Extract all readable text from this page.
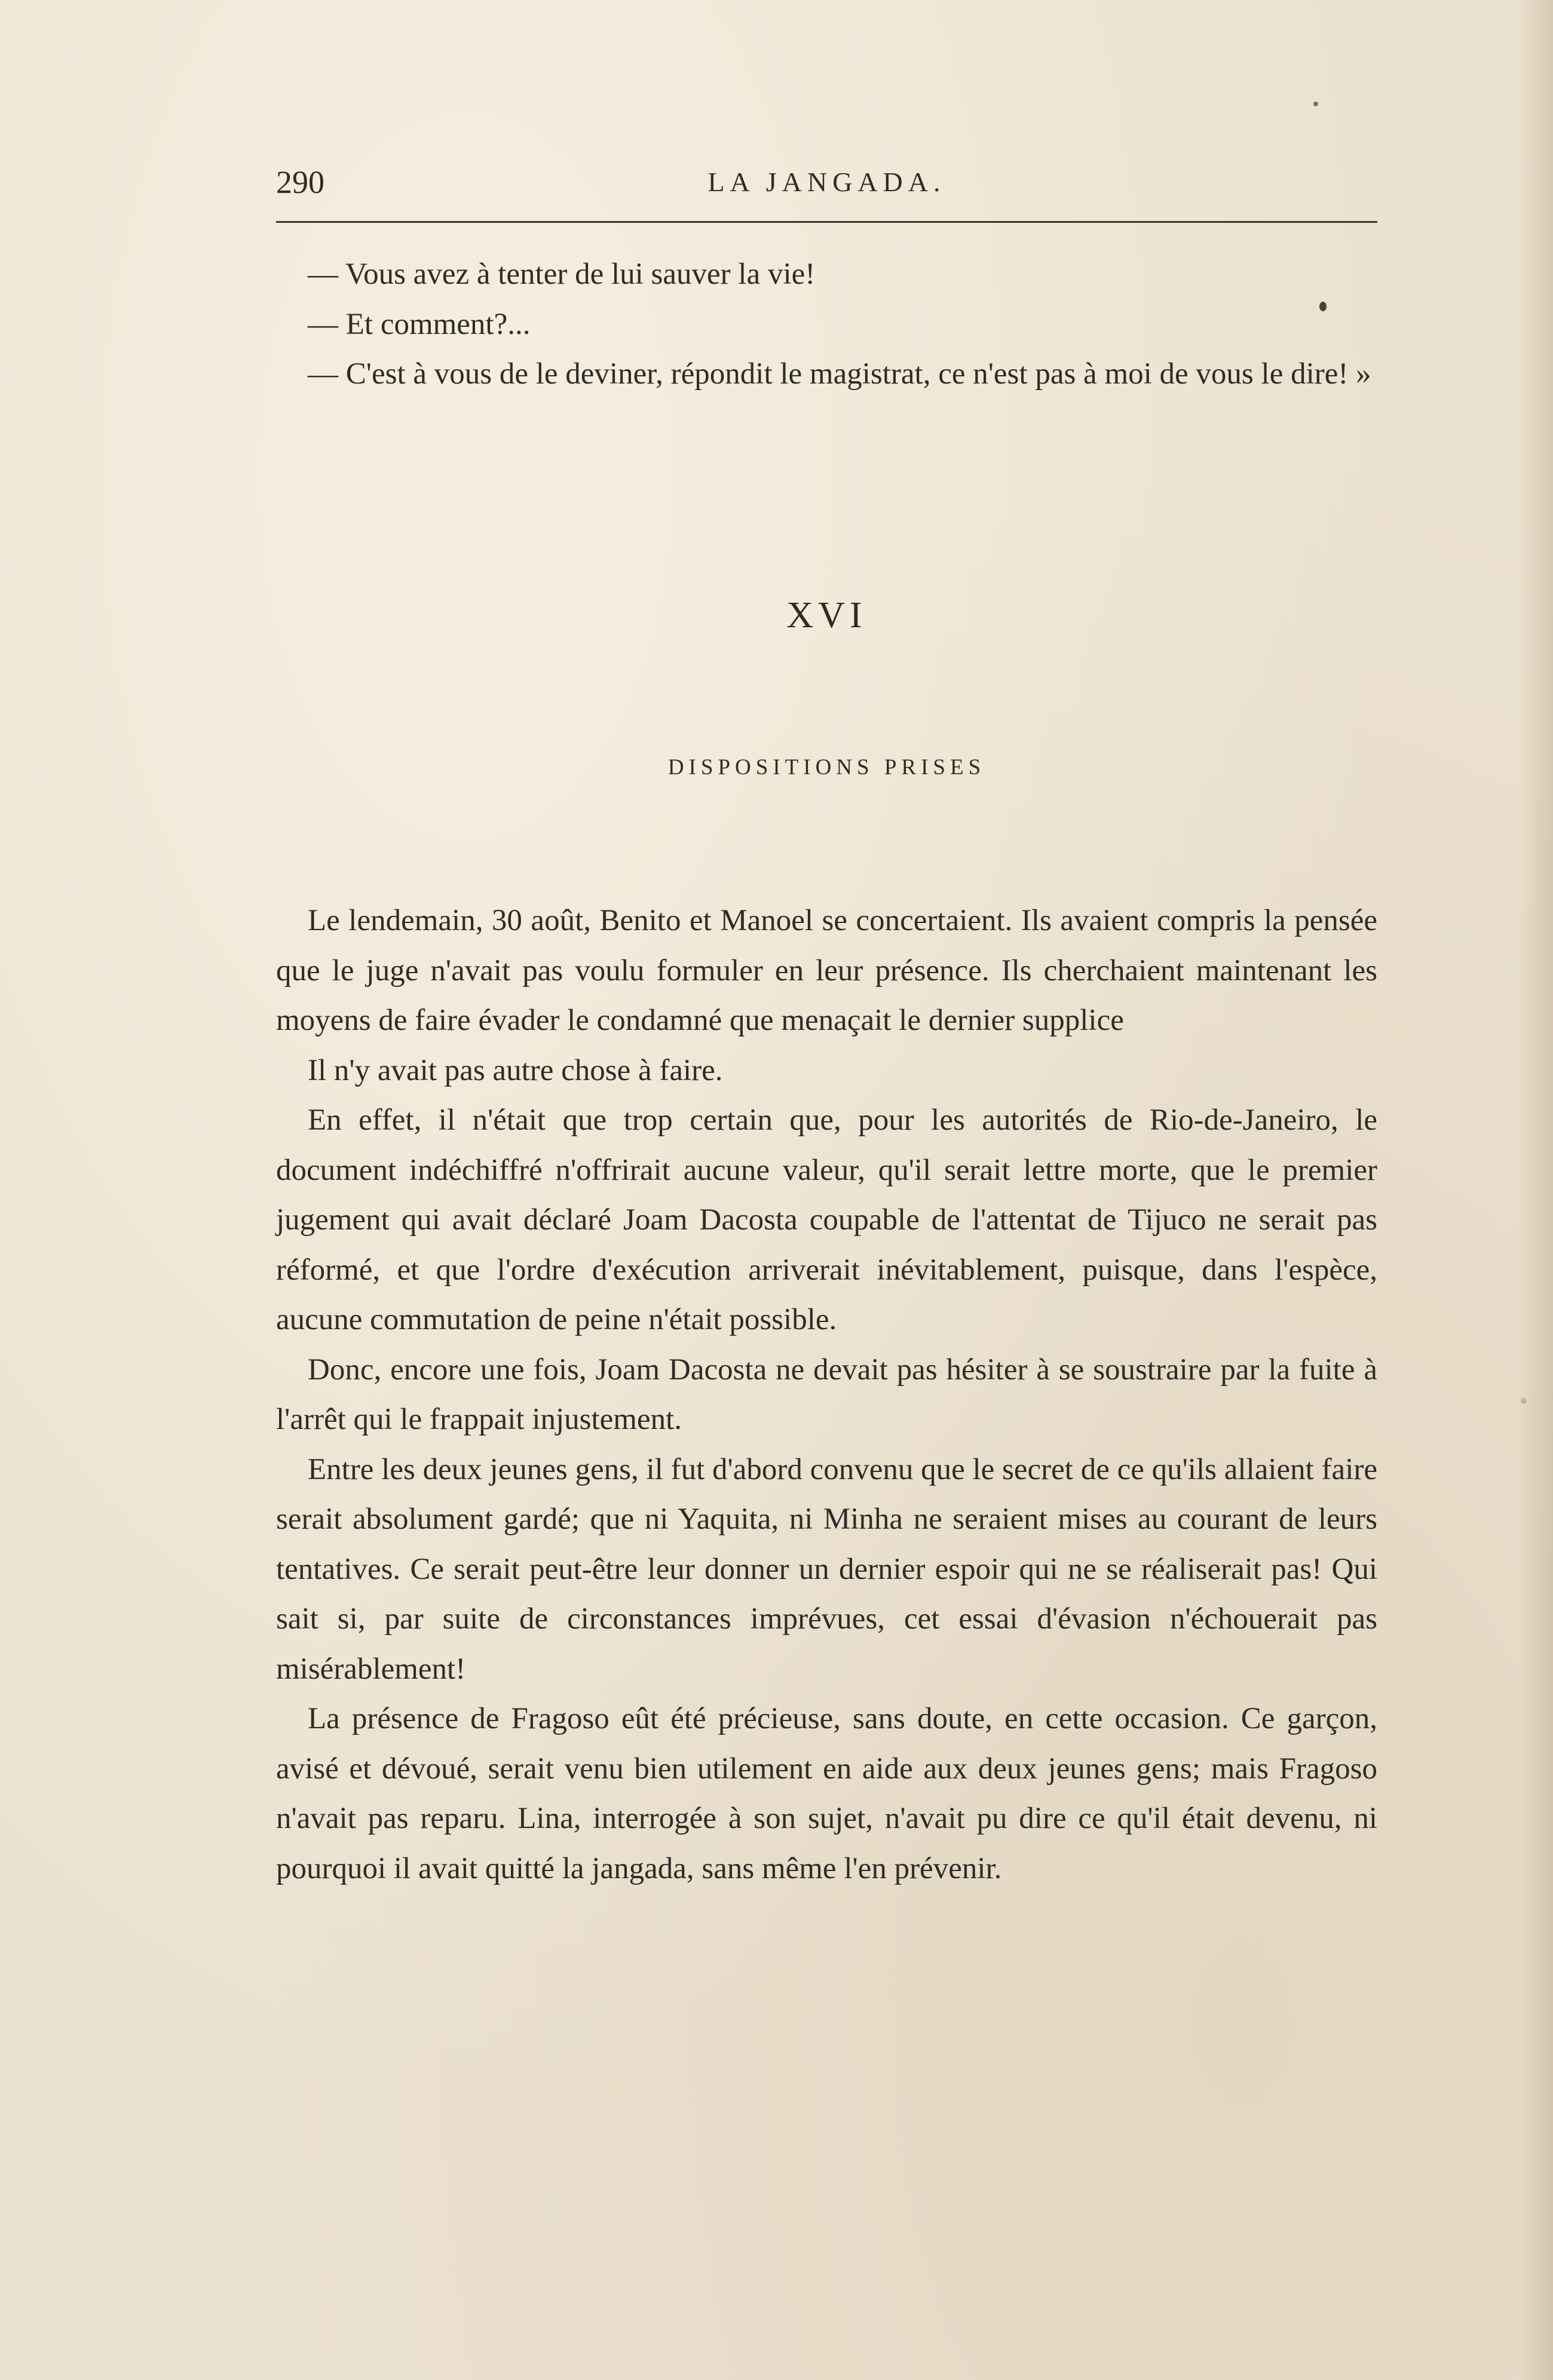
290	LA JANGADA.

— Vous avez à tenter de lui sauver la vie!

— Et comment?...

— C'est à vous de le deviner, répondit le magistrat, ce n'est pas à moi de vous le dire! »

XVI
DISPOSITIONS PRISES

Le lendemain, 30 août, Benito et Manoel se concertaient. Ils avaient compris la pensée que le juge n'avait pas voulu formuler en leur présence. Ils cherchaient maintenant les moyens de faire évader le condamné que menaçait le dernier supplice

Il n'y avait pas autre chose à faire.

En effet, il n'était que trop certain que, pour les autorités de Rio-de-Janeiro, le document indéchiffré n'offrirait aucune valeur, qu'il serait lettre morte, que le premier jugement qui avait déclaré Joam Dacosta coupable de l'attentat de Tijuco ne serait pas réformé, et que l'ordre d'exécution arriverait inévitablement, puisque, dans l'espèce, aucune commutation de peine n'était possible.

Donc, encore une fois, Joam Dacosta ne devait pas hésiter à se soustraire par la fuite à l'arrêt qui le frappait injustement.

Entre les deux jeunes gens, il fut d'abord convenu que le secret de ce qu'ils allaient faire serait absolument gardé; que ni Yaquita, ni Minha ne seraient mises au courant de leurs tentatives. Ce serait peut-être leur donner un dernier espoir qui ne se réaliserait pas! Qui sait si, par suite de circonstances imprévues, cet essai d'évasion n'échouerait pas misérablement!

La présence de Fragoso eût été précieuse, sans doute, en cette occasion. Ce garçon, avisé et dévoué, serait venu bien utilement en aide aux deux jeunes gens; mais Fragoso n'avait pas reparu. Lina, interrogée à son sujet, n'avait pu dire ce qu'il était devenu, ni pourquoi il avait quitté la jangada, sans même l'en prévenir.
